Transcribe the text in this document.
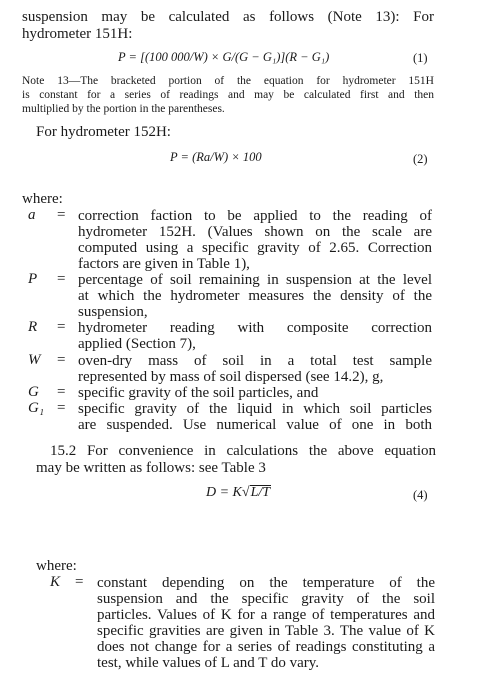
suspension may be calculated as follows (Note 13): For
hydrometer 151H:
P = [(100 000/W) × G/(G − G₁)](R − G₁)	(1)
Note 13—The bracketed portion of the equation for hydrometer 151H
is constant for a series of readings and may be calculated first and then
multiplied by the portion in the parentheses.
For hydrometer 152H:
P = (Ra/W) × 100	(2)
where:
a = correction faction to be applied to the reading of
hydrometer 152H. (Values shown on the scale are
computed using a specific gravity of 2.65. Correction
factors are given in Table 1),
P = percentage of soil remaining in suspension at the level
at which the hydrometer measures the density of the
suspension,
R = hydrometer reading with composite correction
applied (Section 7),
W = oven-dry mass of soil in a total test sample
represented by mass of soil dispersed (see 14.2), g,
G = specific gravity of the soil particles, and
G₁ = specific gravity of the liquid in which soil particles
are suspended. Use numerical value of one in both
15.2 For convenience in calculations the above equation
may be written as follows: see Table 3
D = K√L/T	(4)
where:
K = constant depending on the temperature of the
suspension and the specific gravity of the soil
particles. Values of K for a range of temperatures and
specific gravities are given in Table 3. The value of K
does not change for a series of readings constituting a
test, while values of L and T do vary.
